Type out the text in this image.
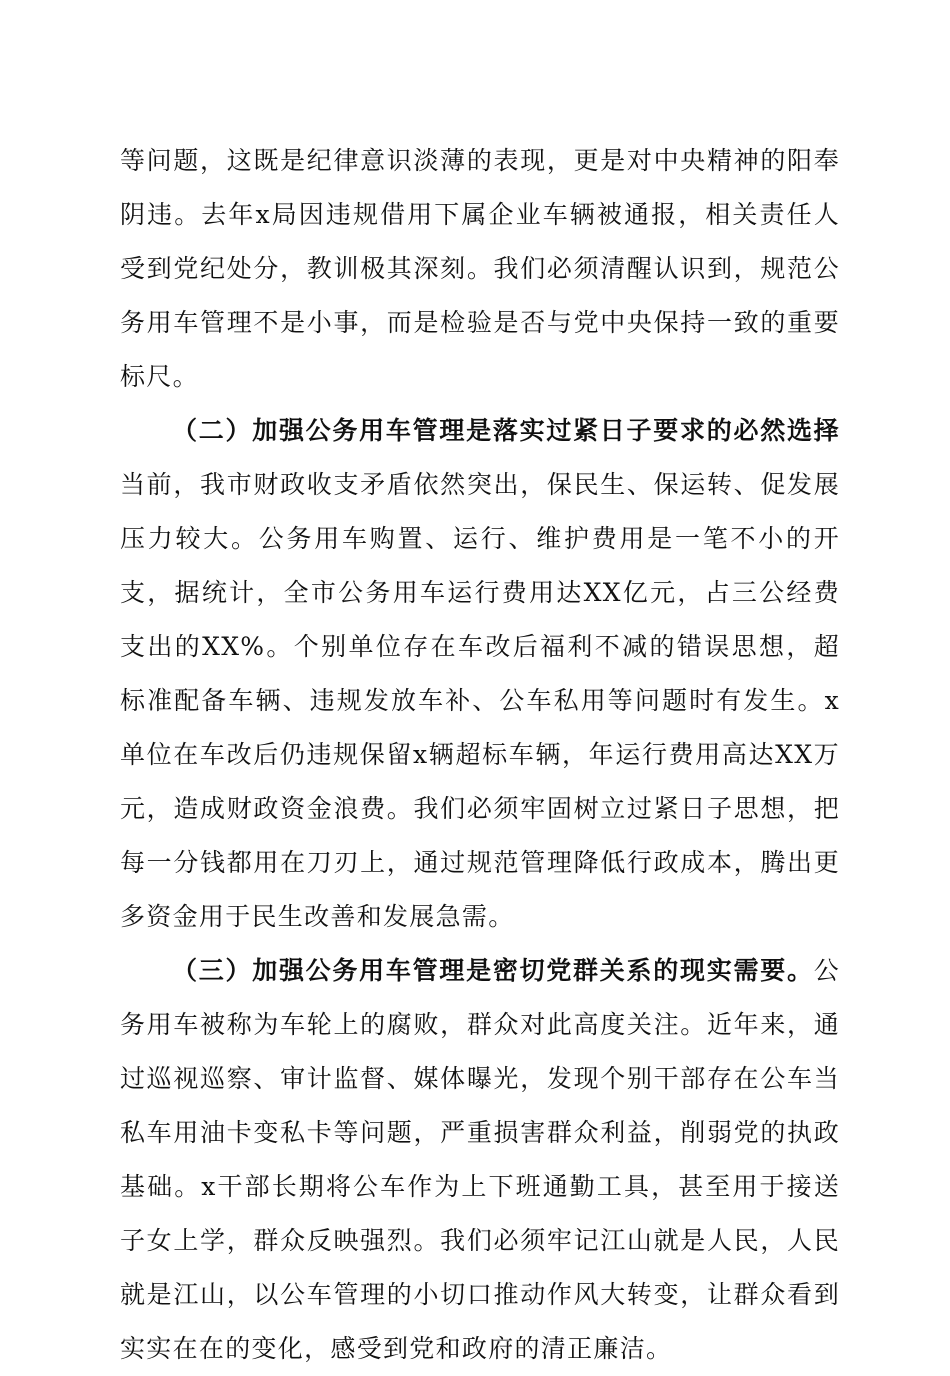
等问题，这既是纪律意识淡薄的表现，更是对中央精神的阳奉阴违。去年x局因违规借用下属企业车辆被通报，相关责任人受到党纪处分，教训极其深刻。我们必须清醒认识到，规范公务用车管理不是小事，而是检验是否与党中央保持一致的重要标尺。

（二）加强公务用车管理是落实过紧日子要求的必然选择当前，我市财政收支矛盾依然突出，保民生、保运转、促发展压力较大。公务用车购置、运行、维护费用是一笔不小的开支，据统计，全市公务用车运行费用达XX亿元，占三公经费支出的XX%。个别单位存在车改后福利不减的错误思想，超标准配备车辆、违规发放车补、公车私用等问题时有发生。x单位在车改后仍违规保留x辆超标车辆，年运行费用高达XX万元，造成财政资金浪费。我们必须牢固树立过紧日子思想，把每一分钱都用在刀刃上，通过规范管理降低行政成本，腾出更多资金用于民生改善和发展急需。

（三）加强公务用车管理是密切党群关系的现实需要。公务用车被称为车轮上的腐败，群众对此高度关注。近年来，通过巡视巡察、审计监督、媒体曝光，发现个别干部存在公车当私车用油卡变私卡等问题，严重损害群众利益，削弱党的执政基础。x干部长期将公车作为上下班通勤工具，甚至用于接送子女上学，群众反映强烈。我们必须牢记江山就是人民，人民就是江山，以公车管理的小切口推动作风大转变，让群众看到实实在在的变化，感受到党和政府的清正廉洁。
